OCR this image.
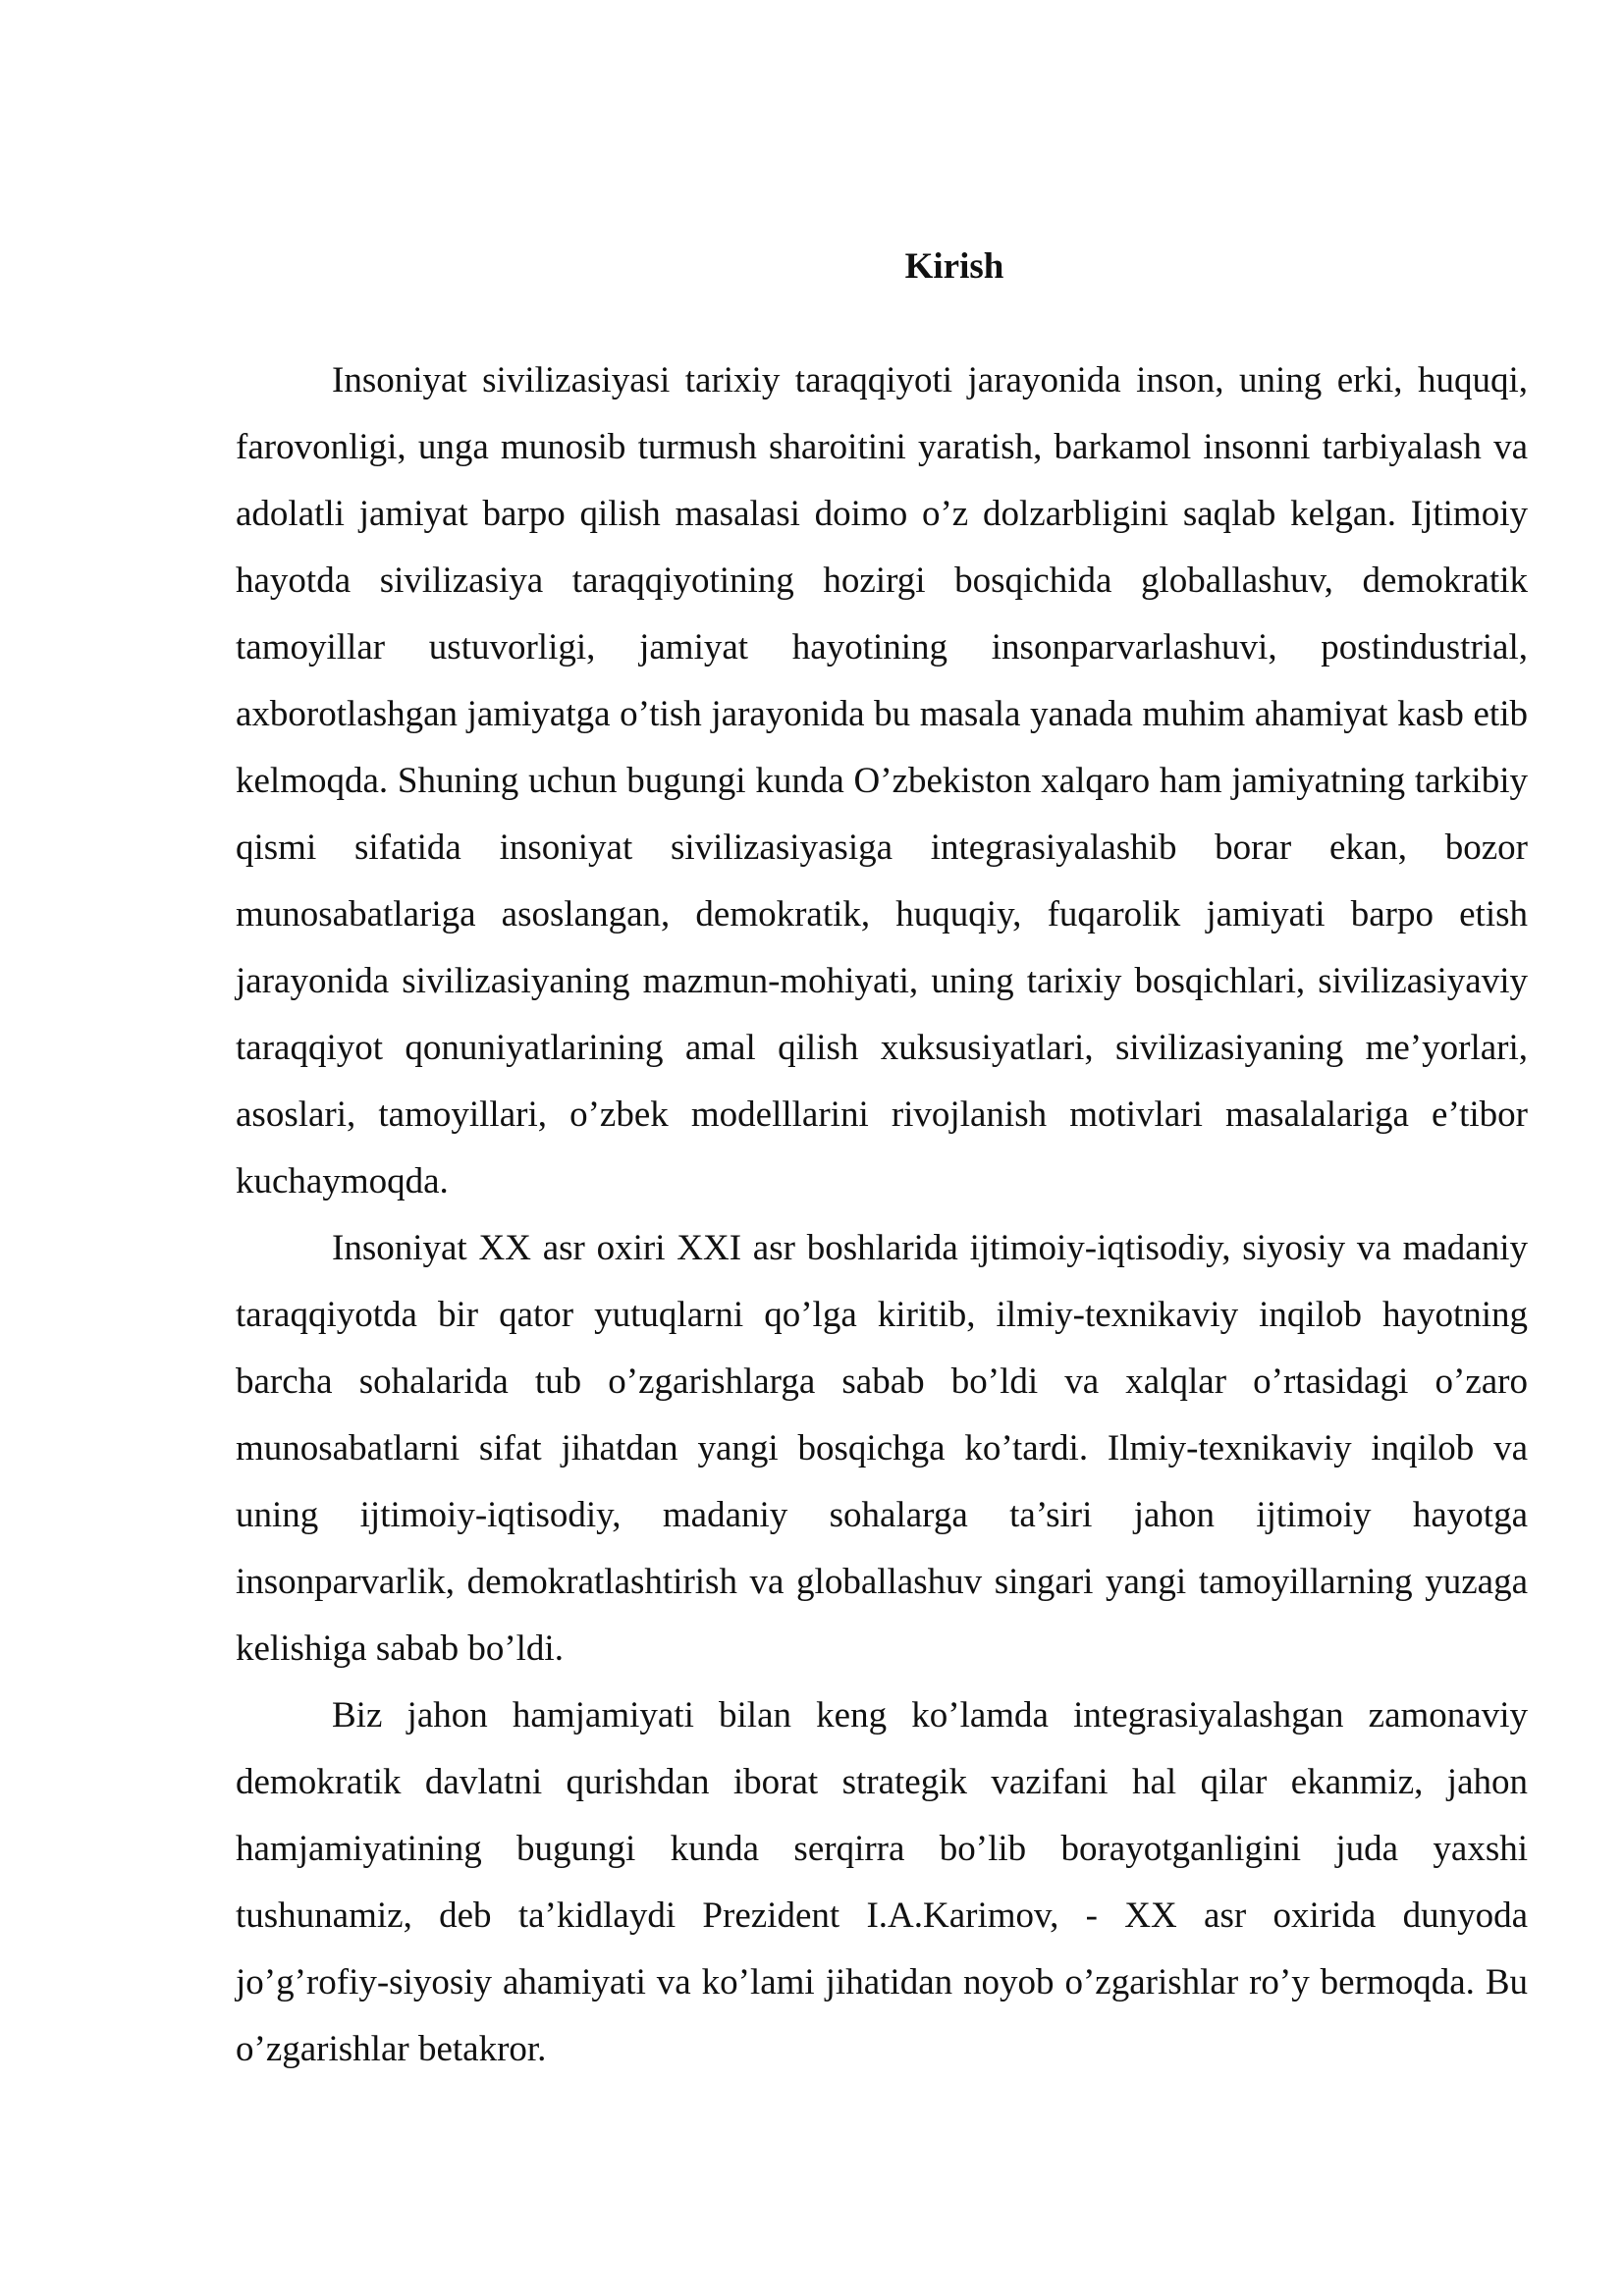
Kirish

Insoniyat sivilizasiyasi tarixiy taraqqiyoti jarayonida inson, uning erki, huquqi, farovonligi, unga munosib turmush sharoitini yaratish, barkamol insonni tarbiyalash va adolatli jamiyat barpo qilish masalasi doimo o’z dolzarbligini saqlab kelgan. Ijtimoiy hayotda sivilizasiya taraqqiyotining hozirgi bosqichida globallashuv, demokratik tamoyillar ustuvorligi, jamiyat hayotining insonparvarlashuvi, postindustrial, axborotlashgan jamiyatga o’tish jarayonida bu masala yanada muhim ahamiyat kasb etib kelmoqda. Shuning uchun bugungi kunda O’zbekiston xalqaro ham jamiyatning tarkibiy qismi sifatida insoniyat sivilizasiyasiga integrasiyalashib borar ekan, bozor munosabatlariga asoslangan, demokratik, huquqiy, fuqarolik jamiyati barpo etish jarayonida sivilizasiyaning mazmun-mohiyati, uning tarixiy bosqichlari, sivilizasiyaviy taraqqiyot qonuniyatlarining amal qilish xuksusiyatlari, sivilizasiyaning me’yorlari, asoslari, tamoyillari, o’zbek modelllarini rivojlanish motivlari masalalariga e’tibor kuchaymoqda.

Insoniyat XX asr oxiri XXI asr boshlarida ijtimoiy-iqtisodiy, siyosiy va madaniy taraqqiyotda bir qator yutuqlarni qo’lga kiritib, ilmiy-texnikaviy inqilob hayotning barcha sohalarida tub o’zgarishlarga sabab bo’ldi va xalqlar o’rtasidagi o’zaro munosabatlarni sifat jihatdan yangi bosqichga ko’tardi. Ilmiy-texnikaviy inqilob va uning ijtimoiy-iqtisodiy, madaniy sohalarga ta’siri jahon ijtimoiy hayotga insonparvarlik, demokratlashtirish va globallashuv singari yangi tamoyillarning yuzaga kelishiga sabab bo’ldi.

Biz jahon hamjamiyati bilan keng ko’lamda integrasiyalashgan zamonaviy demokratik davlatni qurishdan iborat strategik vazifani hal qilar ekanmiz, jahon hamjamiyatining bugungi kunda serqirra bo’lib borayotganligini juda yaxshi tushunamiz, deb ta’kidlaydi Prezident I.A.Karimov, - XX asr oxirida dunyoda jo’g’rofiy-siyosiy ahamiyati va ko’lami jihatidan noyob o’zgarishlar ro’y bermoqda. Bu o’zgarishlar betakror.
